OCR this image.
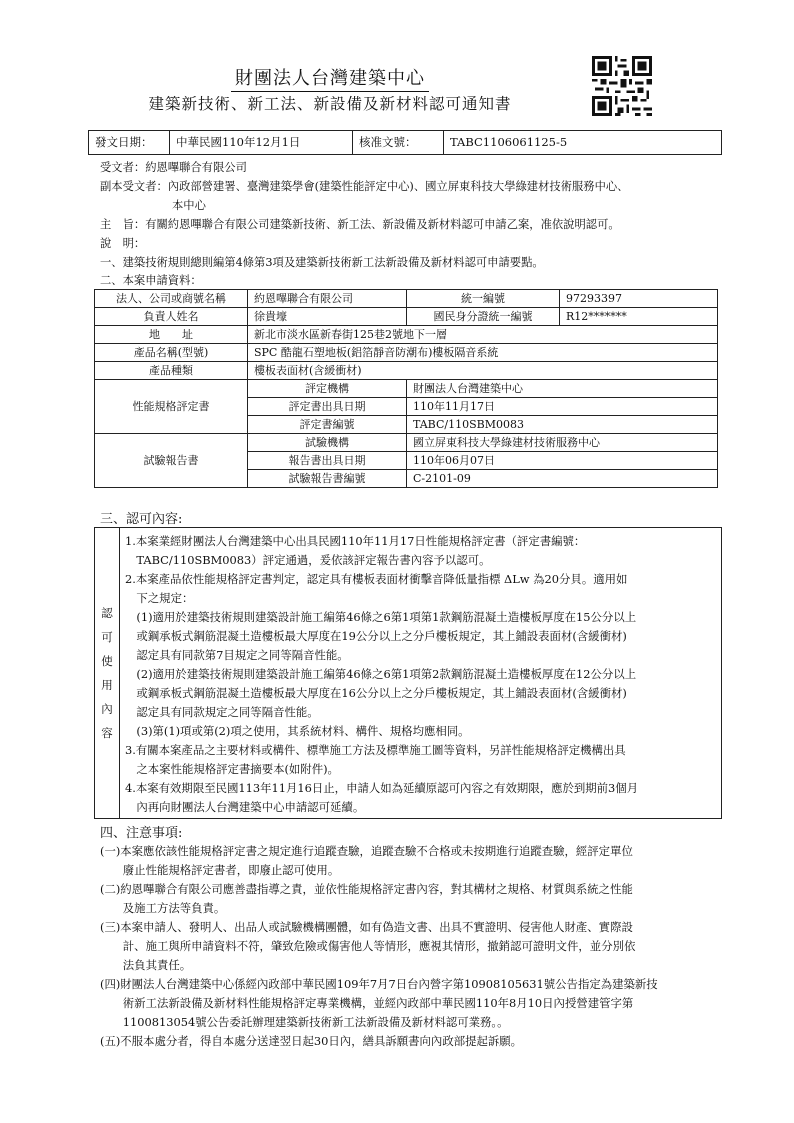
財團法人台灣建築中心
建築新技術、新工法、新設備及新材料認可通知書
發文日期：	中華民國110年12月1日	核准文號：	TABC1106061125-5
受文者：約恩嗶聯合有限公司
副本受文者：內政部營建署、臺灣建築學會(建築性能評定中心)、國立屏東科技大學綠建材技術服務中心、
本中心
主　旨：有關約恩嗶聯合有限公司建築新技術、新工法、新設備及新材料認可申請乙案，准依說明認可。
說　明：
一、建築技術規則總則編第4條第3項及建築新技術新工法新設備及新材料認可申請要點。
二、本案申請資料：
法人、公司或商號名稱	約恩嗶聯合有限公司	統一編號	97293397
負責人姓名	徐貴壕	國民身分證統一編號	R12*******
地　　址	新北市淡水區新春街125巷2號地下一層		
產品名稱(型號)	SPC 酷龍石塑地板(鋁箔靜音防潮布)樓板隔音系統		
產品種類	樓板表面材(含緩衝材)		
性能規格評定書	評定機構	財團法人台灣建築中心	
	評定書出具日期	110年11月17日	
	評定書編號	TABC/110SBM0083	
試驗報告書	試驗機構	國立屏東科技大學綠建材技術服務中心	
	報告書出具日期	110年06月07日	
	試驗報告書編號	C-2101-09	
三、認可內容:
認
可
使
用
內
容

1.本案業經財團法人台灣建築中心出具民國110年11月17日性能規格評定書（評定書編號：

　TABC/110SBM0083）評定通過，爰依該評定報告書內容予以認可。

2.本案產品依性能規格評定書判定，認定具有樓板表面材衝擊音降低量指標 ΔLw 為20分貝。適用如

　下之規定：

　(1)適用於建築技術規則建築設計施工編第46條之6第1項第1款鋼筋混凝土造樓板厚度在15公分以上

　或鋼承板式鋼筋混凝土造樓板最大厚度在19公分以上之分戶樓板規定，其上鋪設表面材(含緩衝材)

　認定具有同款第7目規定之同等隔音性能。

　(2)適用於建築技術規則建築設計施工編第46條之6第1項第2款鋼筋混凝土造樓板厚度在12公分以上

　或鋼承板式鋼筋混凝土造樓板最大厚度在16公分以上之分戶樓板規定，其上鋪設表面材(含緩衝材)

　認定具有同款規定之同等隔音性能。

　(3)第(1)項或第(2)項之使用，其系統材料、構件、規格均應相同。

3.有關本案產品之主要材料或構件、標準施工方法及標準施工圖等資料，另詳性能規格評定機構出具

　之本案性能規格評定書摘要本(如附件)。

4.本案有效期限至民國113年11月16日止，申請人如為延續原認可內容之有效期限，應於到期前3個月

　內再向財團法人台灣建築中心申請認可延續。

四、注意事項:

(一)本案應依該性能規格評定書之規定進行追蹤查驗，追蹤查驗不合格或未按期進行追蹤查驗，經評定單位

　　廢止性能規格評定書者，即廢止認可使用。

(二)約恩嗶聯合有限公司應善盡指導之責，並依性能規格評定書內容，對其構材之規格、材質與系統之性能

　　及施工方法等負責。

(三)本案申請人、發明人、出品人或試驗機構團體，如有偽造文書、出具不實證明、侵害他人財產、實際設

　　計、施工與所申請資料不符，肇致危險或傷害他人等情形，應視其情形，撤銷認可證明文件，並分別依

　　法負其責任。

(四)財團法人台灣建築中心係經內政部中華民國109年7月7日台內營字第10908105631號公告指定為建築新技

　　術新工法新設備及新材料性能規格評定專業機構，並經內政部中華民國110年8月10日內授營建管字第

　　1100813054號公告委託辦理建築新技術新工法新設備及新材料認可業務。。

(五)不服本處分者，得自本處分送達翌日起30日內，繕具訴願書向內政部提起訴願。
